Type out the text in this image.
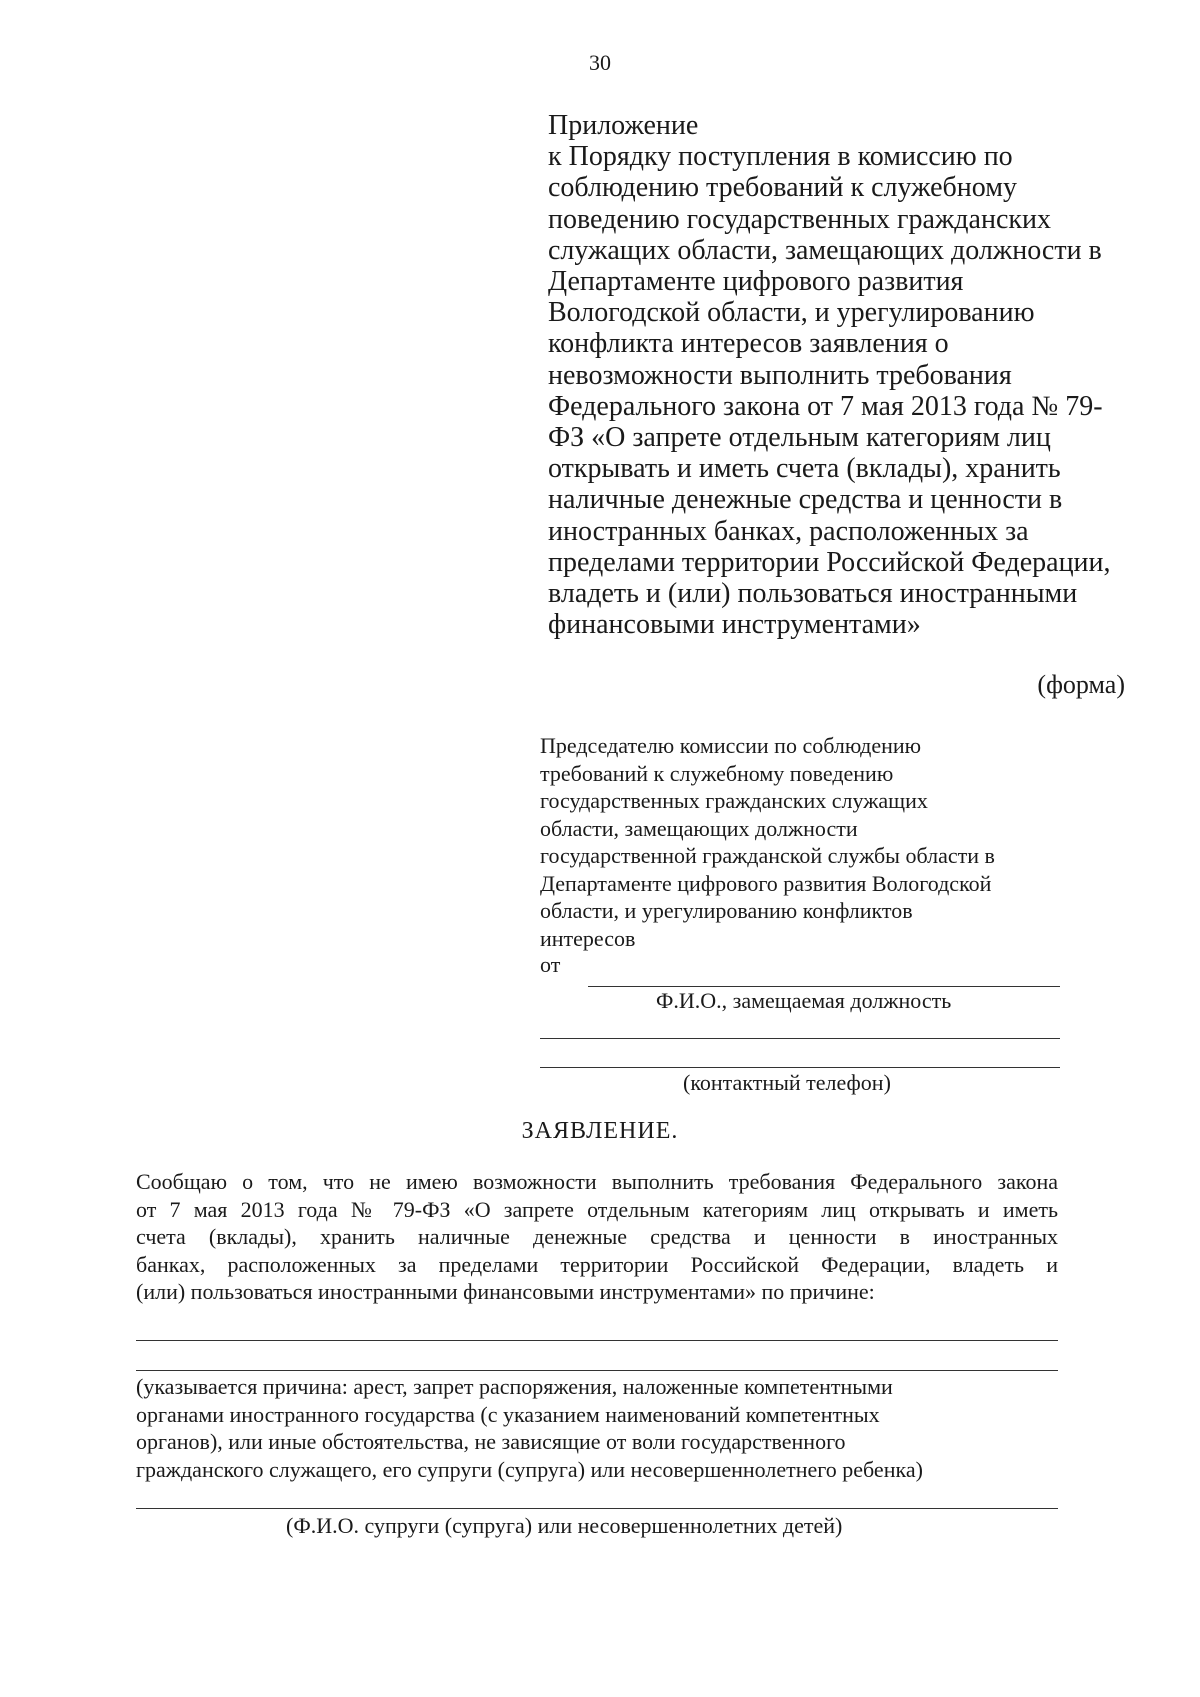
30
Приложение
к Порядку поступления в комиссию по
соблюдению требований к служебному
поведению государственных гражданских
служащих области, замещающих должности в
Департаменте цифрового развития
Вологодской области, и урегулированию
конфликта интересов заявления о
невозможности выполнить требования
Федерального закона от 7 мая 2013 года № 79-
ФЗ «О запрете отдельным категориям лиц
открывать и иметь счета (вклады), хранить
наличные денежные средства и ценности в
иностранных банках, расположенных за
пределами территории Российской Федерации,
владеть и (или) пользоваться иностранными
финансовыми инструментами»
(форма)
Председателю комиссии по соблюдению
требований к служебному поведению
государственных гражданских служащих
области, замещающих должности
государственной гражданской службы области в
Департаменте цифрового развития Вологодской
области, и урегулированию конфликтов
интересов
от
Ф.И.О., замещаемая должность
(контактный телефон)
ЗАЯВЛЕНИЕ.
Сообщаю о том, что не имею возможности выполнить требования Федерального закона
от 7 мая 2013 года № 79-ФЗ «О запрете отдельным категориям лиц открывать и иметь
счета (вклады), хранить наличные денежные средства и ценности в иностранных
банках, расположенных за пределами территории Российской Федерации, владеть и
(или) пользоваться иностранными финансовыми инструментами» по причине:
(указывается причина: арест, запрет распоряжения, наложенные компетентными
органами иностранного государства (с указанием наименований компетентных
органов), или иные обстоятельства, не зависящие от воли государственного
гражданского служащего, его супруги (супруга) или несовершеннолетнего ребенка)
(Ф.И.О. супруги (супруга) или несовершеннолетних детей)
